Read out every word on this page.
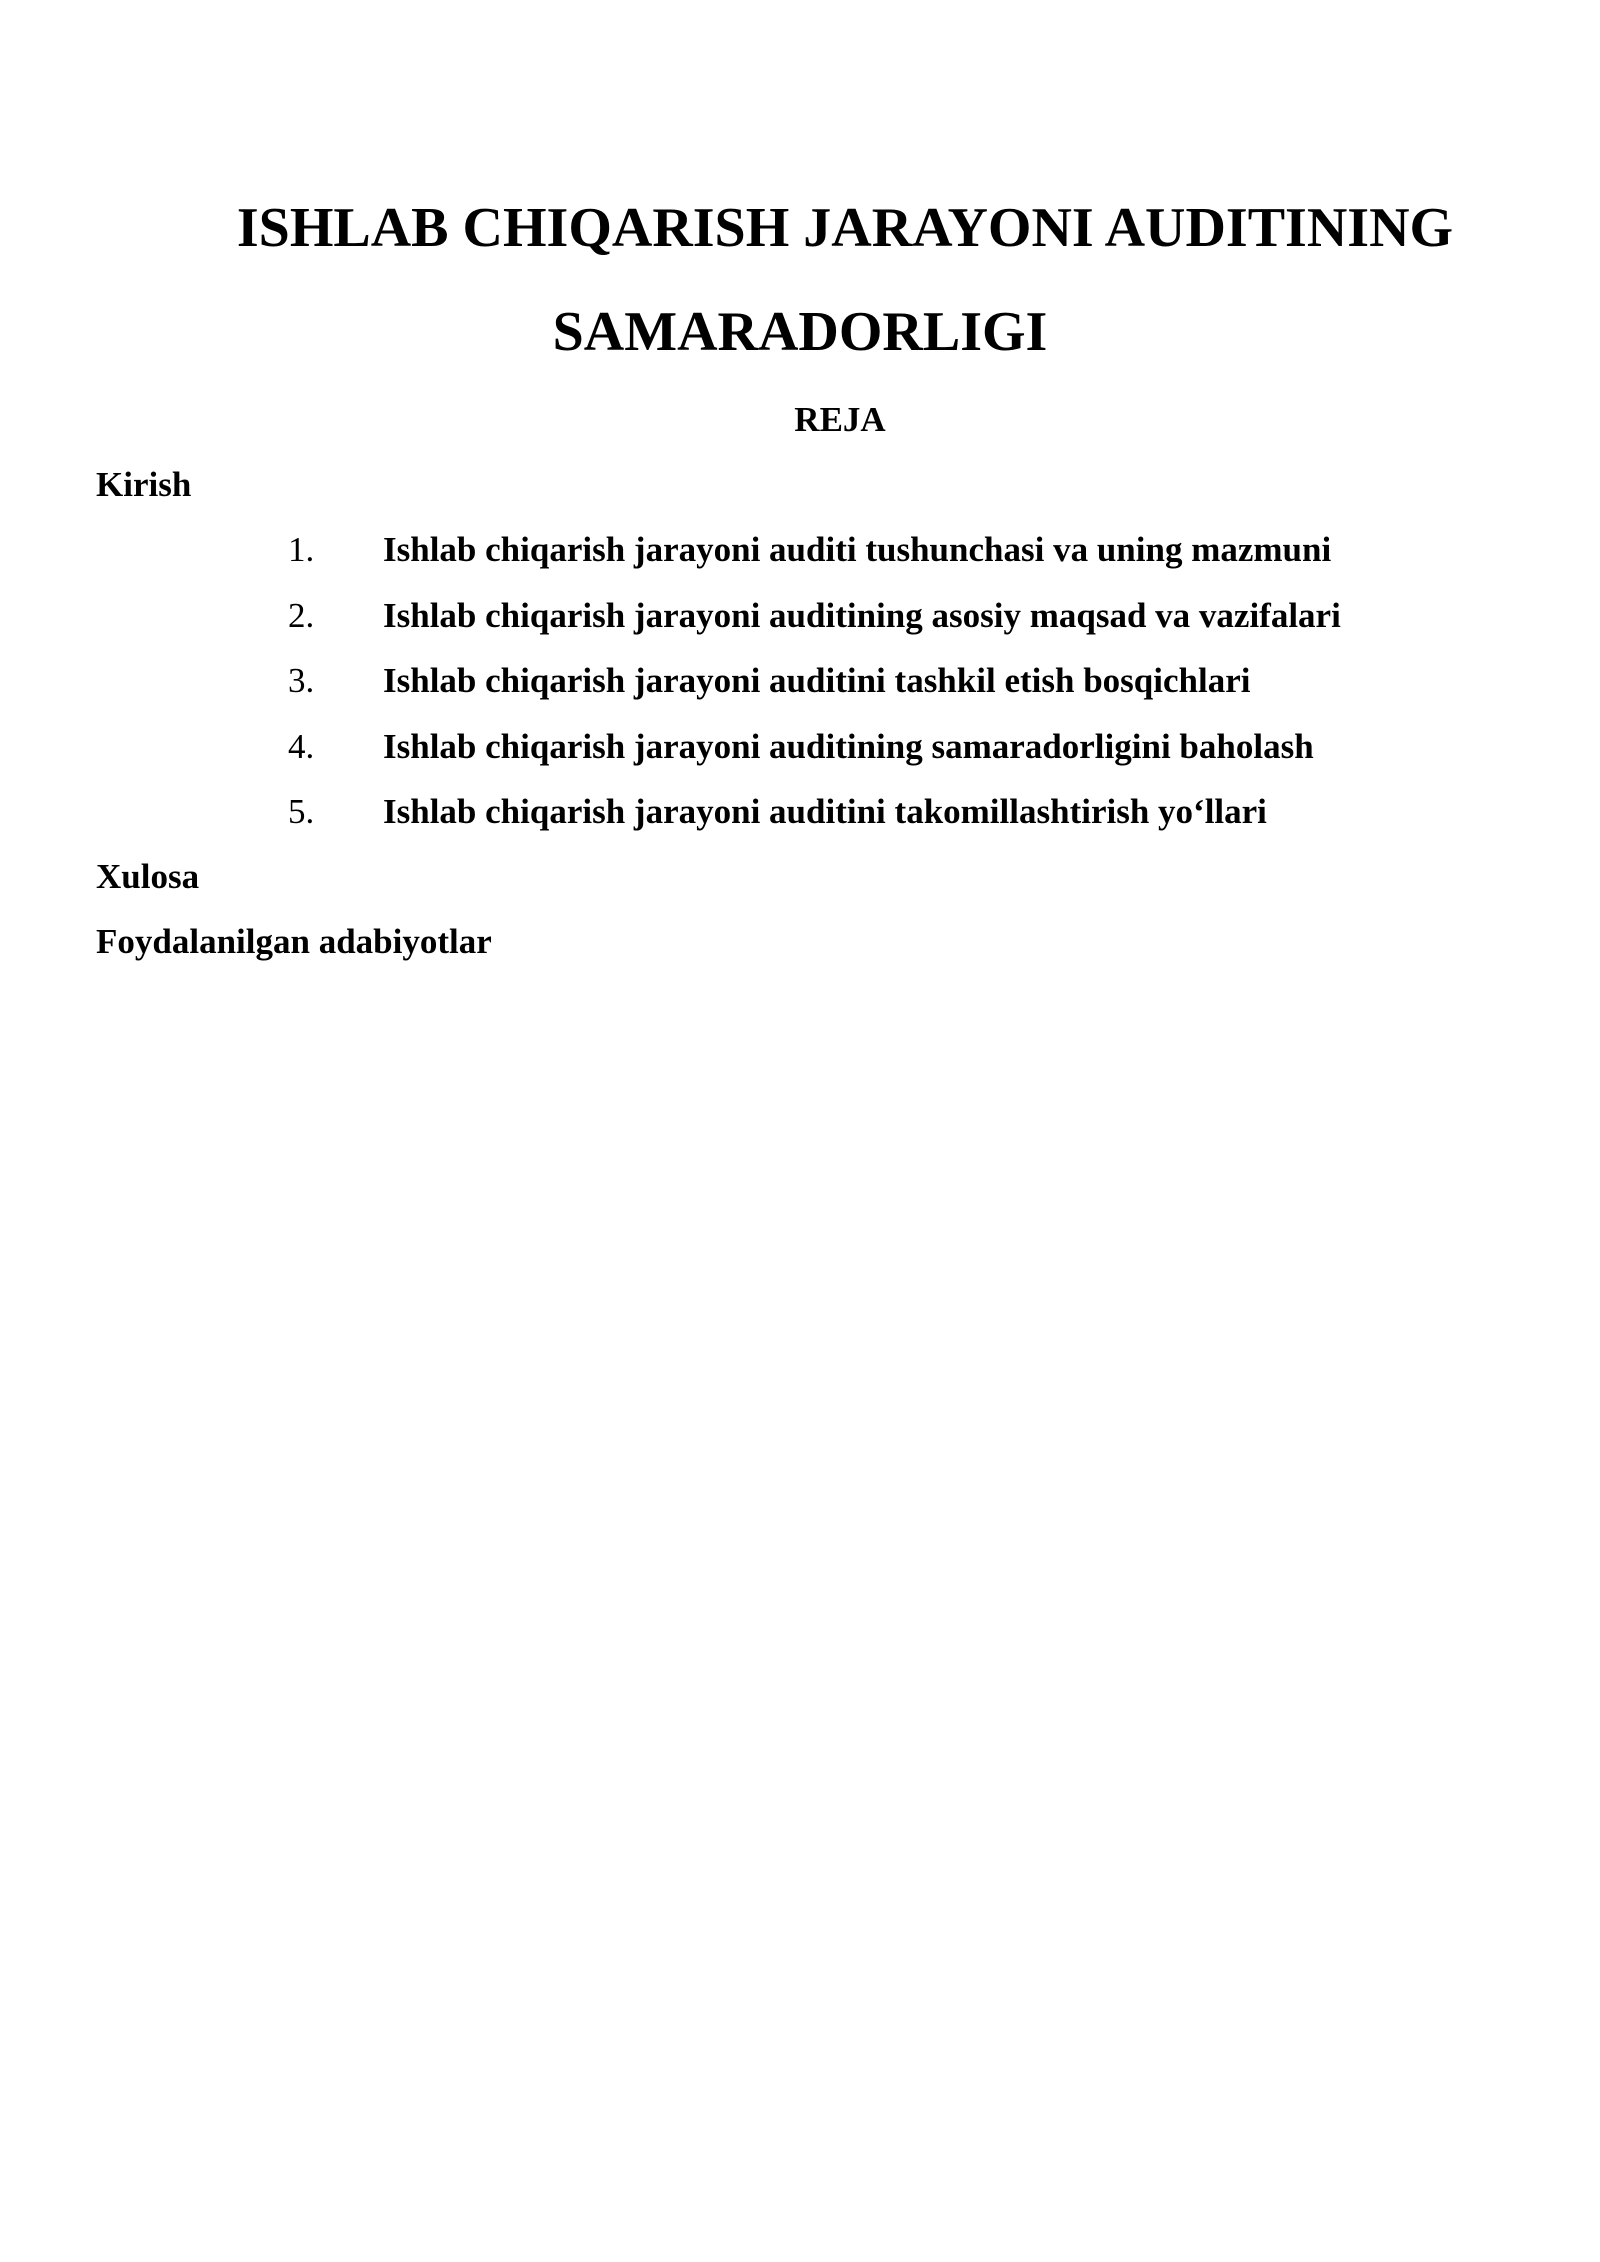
ISHLAB CHIQARISH JARAYONI AUDITINING
SAMARADORLIGI
REJA

Kirish

1. Ishlab chiqarish jarayoni auditi tushunchasi va uning mazmuni
2. Ishlab chiqarish jarayoni auditining asosiy maqsad va vazifalari
3. Ishlab chiqarish jarayoni auditini tashkil etish bosqichlari
4. Ishlab chiqarish jarayoni auditining samaradorligini baholash
5. Ishlab chiqarish jarayoni auditini takomillashtirish yo‘llari

Xulosa

Foydalanilgan adabiyotlar
